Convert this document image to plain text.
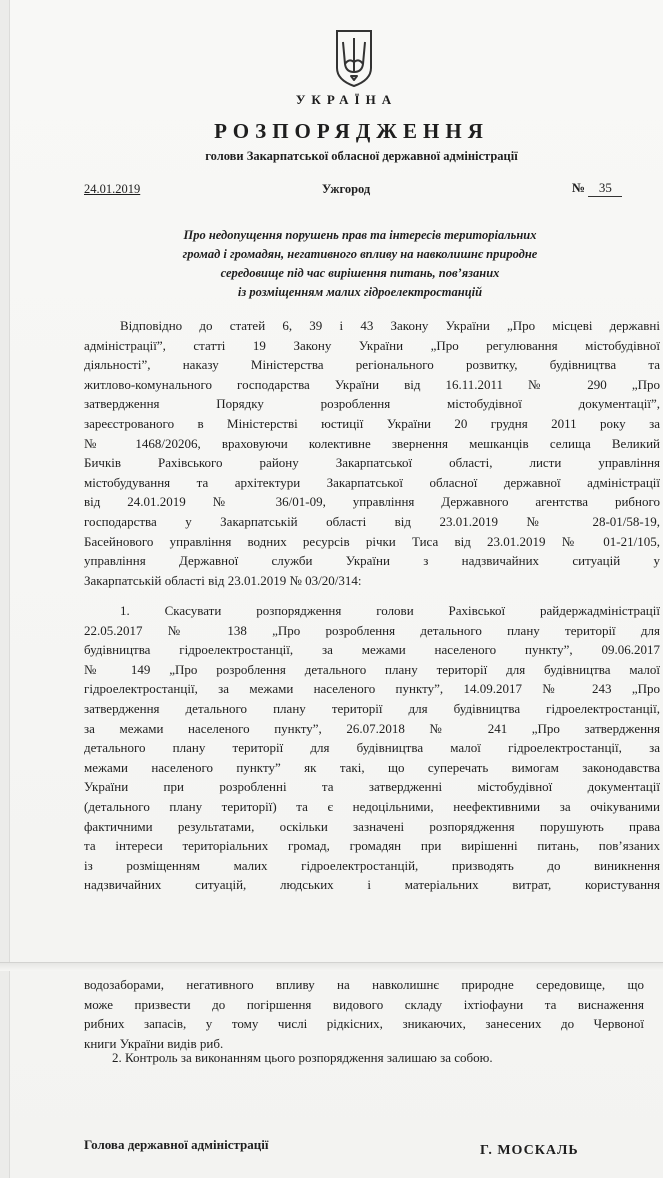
УКРАЇНА
РОЗПОРЯДЖЕННЯ
голови Закарпатської обласної державної адміністрації
24.01.2019	Ужгород	№ 35
Про недопущення порушень прав та інтересів територіальних
громад і громадян, негативного впливу на навколишнє природне
середовище під час вирішення питань, пов’язаних
із розміщенням малих гідроелектростанцій
Відповідно до статей 6, 39 і 43 Закону України „Про місцеві державні
адміністрації”, статті 19 Закону України „Про регулювання містобудівної
діяльності”, наказу Міністерства регіонального розвитку, будівництва та
житлово-комунального господарства України від 16.11.2011 № 290 „Про
затвердження Порядку розроблення містобудівної документації”,
зареєстрованого в Міністерстві юстиції України 20 грудня 2011 року за
№ 1468/20206, враховуючи колективне звернення мешканців селища Великий
Бичків Рахівського району Закарпатської області, листи управління
містобудування та архітектури Закарпатської обласної державної адміністрації
від 24.01.2019 № 36/01-09, управління Державного агентства рибного
господарства у Закарпатській області від 23.01.2019 № 28-01/58-19,
Басейнового управління водних ресурсів річки Тиса від 23.01.2019 № 01-21/105,
управління Державної служби України з надзвичайних ситуацій у
Закарпатській області від 23.01.2019 № 03/20/314:
1. Скасувати розпорядження голови Рахівської райдержадміністрації
22.05.2017 № 138 „Про розроблення детального плану території для
будівництва гідроелектростанції, за межами населеного пункту”, 09.06.2017
№ 149 „Про розроблення детального плану території для будівництва малої
гідроелектростанції, за межами населеного пункту”, 14.09.2017 № 243 „Про
затвердження детального плану території для будівництва гідроелектростанції,
за межами населеного пункту”, 26.07.2018 № 241 „Про затвердження
детального плану території для будівництва малої гідроелектростанції, за
межами населеного пункту” як такі, що суперечать вимогам законодавства
України при розробленні та затвердженні містобудівної документації
(детального плану території) та є недоцільними, неефективними за очікуваними
фактичними результатами, оскільки зазначені розпорядження порушують права
та інтереси територіальних громад, громадян при вирішенні питань, пов’язаних
із розміщенням малих гідроелектростанцій, призводять до виникнення
надзвичайних ситуацій, людських і матеріальних витрат, користування
водозаборами, негативного впливу на навколишнє природне середовище, що
може призвести до погіршення видового складу іхтіофауни та виснаження
рибних запасів, у тому числі рідкісних, зникаючих, занесених до Червоної
книги України видів риб.
2. Контроль за виконанням цього розпорядження залишаю за собою.
Голова державної адміністрації	Г. МОСКАЛЬ
